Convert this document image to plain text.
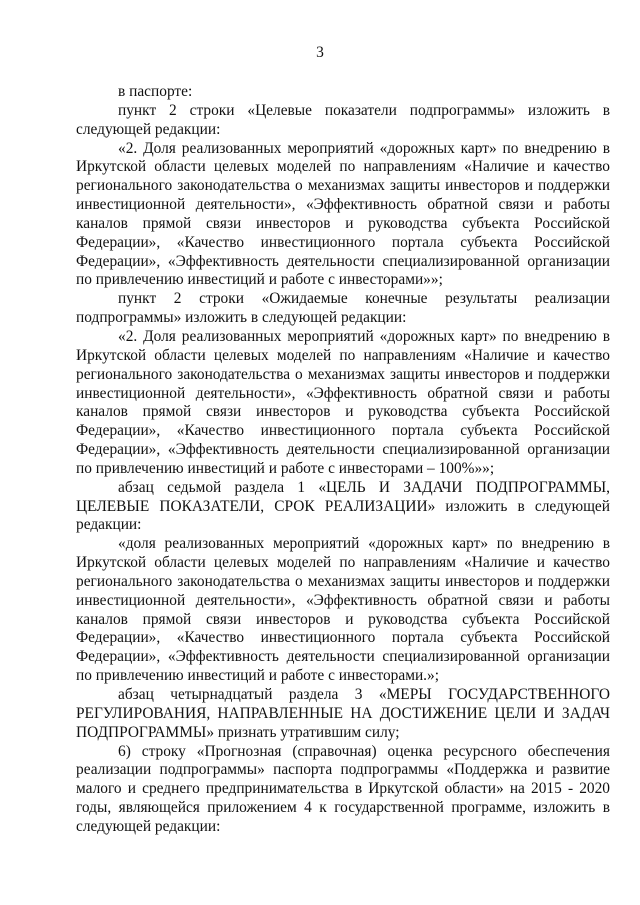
3

в паспорте:

пункт 2 строки «Целевые показатели подпрограммы» изложить в следующей редакции:

«2. Доля реализованных мероприятий «дорожных карт» по внедрению в Иркутской области целевых моделей по направлениям «Наличие и качество регионального законодательства о механизмах защиты инвесторов и поддержки инвестиционной деятельности», «Эффективность обратной связи и работы каналов прямой связи инвесторов и руководства субъекта Российской Федерации», «Качество инвестиционного портала субъекта Российской Федерации», «Эффективность деятельности специализированной организации по привлечению инвестиций и работе с инвесторами»»;

пункт 2 строки «Ожидаемые конечные результаты реализации подпрограммы» изложить в следующей редакции:

«2. Доля реализованных мероприятий «дорожных карт» по внедрению в Иркутской области целевых моделей по направлениям «Наличие и качество регионального законодательства о механизмах защиты инвесторов и поддержки инвестиционной деятельности», «Эффективность обратной связи и работы каналов прямой связи инвесторов и руководства субъекта Российской Федерации», «Качество инвестиционного портала субъекта Российской Федерации», «Эффективность деятельности специализированной организации по привлечению инвестиций и работе с инвесторами – 100%»»;

абзац седьмой раздела 1 «ЦЕЛЬ И ЗАДАЧИ ПОДПРОГРАММЫ, ЦЕЛЕВЫЕ ПОКАЗАТЕЛИ, СРОК РЕАЛИЗАЦИИ» изложить в следующей редакции:

«доля реализованных мероприятий «дорожных карт» по внедрению в Иркутской области целевых моделей по направлениям «Наличие и качество регионального законодательства о механизмах защиты инвесторов и поддержки инвестиционной деятельности», «Эффективность обратной связи и работы каналов прямой связи инвесторов и руководства субъекта Российской Федерации», «Качество инвестиционного портала субъекта Российской Федерации», «Эффективность деятельности специализированной организации по привлечению инвестиций и работе с инвесторами.»;

абзац четырнадцатый раздела 3 «МЕРЫ ГОСУДАРСТВЕННОГО РЕГУЛИРОВАНИЯ, НАПРАВЛЕННЫЕ НА ДОСТИЖЕНИЕ ЦЕЛИ И ЗАДАЧ ПОДПРОГРАММЫ» признать утратившим силу;

6) строку «Прогнозная (справочная) оценка ресурсного обеспечения реализации подпрограммы» паспорта подпрограммы «Поддержка и развитие малого и среднего предпринимательства в Иркутской области» на 2015 - 2020 годы, являющейся приложением 4 к государственной программе, изложить в следующей редакции:
